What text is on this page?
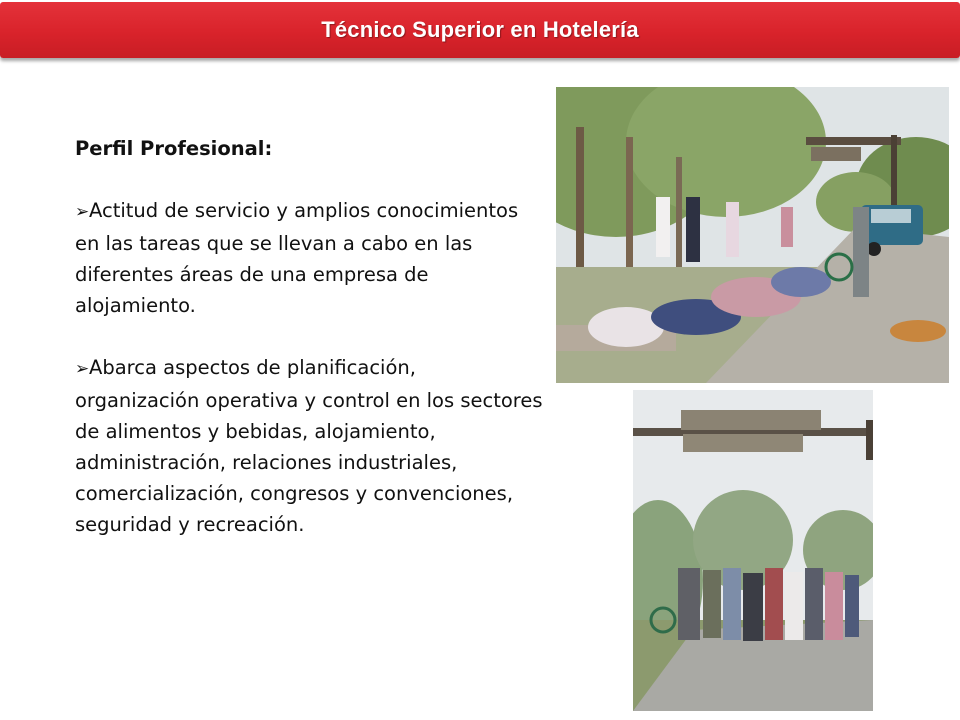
Técnico Superior en Hotelería

Perfil Profesional:

➢Actitud de servicio y amplios conocimientos en las tareas que se llevan a cabo en las diferentes áreas de una empresa de alojamiento.

➢Abarca aspectos de planificación, organización operativa y control en los sectores de alimentos y bebidas, alojamiento, administración, relaciones industriales, comercialización, congresos y convenciones, seguridad y recreación.
